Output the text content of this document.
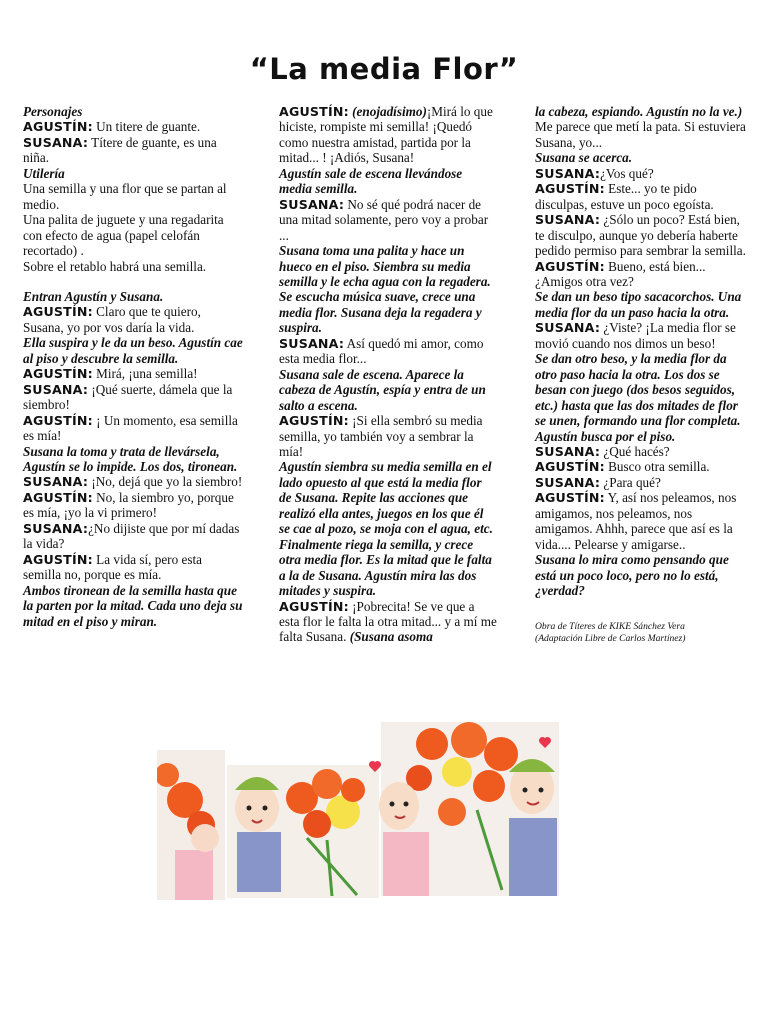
“La media Flor”

Personajes

AGUSTÍN: Un titere de guante.

SUSANA: Títere de guante, es una niña.

Utilería

Una semilla y una flor que se partan al medio.

Una palita de juguete y una regadarita con efecto de agua (papel celofán recortado) .

Sobre el retablo habrá una semilla.

Entran Agustín y Susana.

AGUSTÍN: Claro que te quiero, Susana, yo por vos daría la vida.

Ella suspira y le da un beso. Agustín cae al piso y descubre la semilla.

AGUSTÍN: Mirá, ¡una semilla!

SUSANA: ¡Qué suerte, dámela que la siembro!

AGUSTÍN: ¡ Un momento, esa semilla es mía!

Susana la toma y trata de llevársela, Agustín se lo impide. Los dos, tironean.

SUSANA: ¡No, dejá que yo la siembro!

AGUSTÍN: No, la siembro yo, porque es mía, ¡yo la vi primero!

SUSANA:¿No dijiste que por mí dadas la vida?

AGUSTÍN: La vida sí, pero esta semilla no, porque es mía.

Ambos tironean de la semilla hasta que la parten por la mitad. Cada uno deja su mitad en el piso y miran.

AGUSTÍN: (enojadísimo)¡Mirá lo que hiciste, rompiste mi semilla! ¡Quedó como nuestra amistad, partida por la mitad... ! ¡Adiós, Susana!

Agustín sale de escena llevándose media semilla.

SUSANA: No sé qué podrá nacer de una mitad solamente, pero voy a probar ...

Susana toma una palita y hace un hueco en el piso. Siembra su media semilla y le echa agua con la regadera. Se escucha música suave, crece una media flor. Susana deja la regadera y suspira.

SUSANA: Así quedó mi amor, como esta media flor...

Susana sale de escena. Aparece la cabeza de Agustín, espía y entra de un salto a escena.

AGUSTÍN: ¡Si ella sembró su media semilla, yo también voy a sembrar la mía!

Agustín siembra su media semilla en el lado opuesto al que está la media flor de Susana. Repite las acciones que realizó ella antes, juegos en los que él se cae al pozo, se moja con el agua, etc. Finalmente riega la semilla, y crece otra media flor. Es la mitad que le falta a la de Susana. Agustín mira las dos mitades y suspira.

AGUSTÍN: ¡Pobrecita! Se ve que a esta flor le falta la otra mitad... y a mí me falta Susana. (Susana asoma

la cabeza, espiando. Agustín no la ve.) Me parece que metí la pata. Si estuviera Susana, yo...

Susana se acerca.

SUSANA:¿Vos qué?

AGUSTÍN: Este... yo te pido disculpas, estuve un poco egoísta.

SUSANA: ¿Sólo un poco? Está bien, te disculpo, aunque yo debería haberte pedido permiso para sembrar la semilla.

AGUSTÍN: Bueno, está bien... ¿Amigos otra vez?

Se dan un beso tipo sacacorchos. Una media flor da un paso hacia la otra.

SUSANA: ¿Viste? ¡La media flor se movió cuando nos dimos un beso!

Se dan otro beso, y la media flor da otro paso hacia la otra. Los dos se besan con juego (dos besos seguidos, etc.) hasta que las dos mitades de flor se unen, formando una flor completa.

Agustín busca por el piso.

SUSANA: ¿Qué hacés?

AGUSTÍN: Busco otra semilla.

SUSANA: ¿Para qué?

AGUSTÍN: Y, así nos peleamos, nos amigamos, nos peleamos, nos amigamos. Ahhh, parece que así es la vida.... Pelearse y amigarse..

Susana lo mira como pensando que está un poco loco, pero no lo está, ¿verdad?

Obra de Títeres de KIKE Sánchez Vera
(Adaptación Libre de Carlos Martínez)
